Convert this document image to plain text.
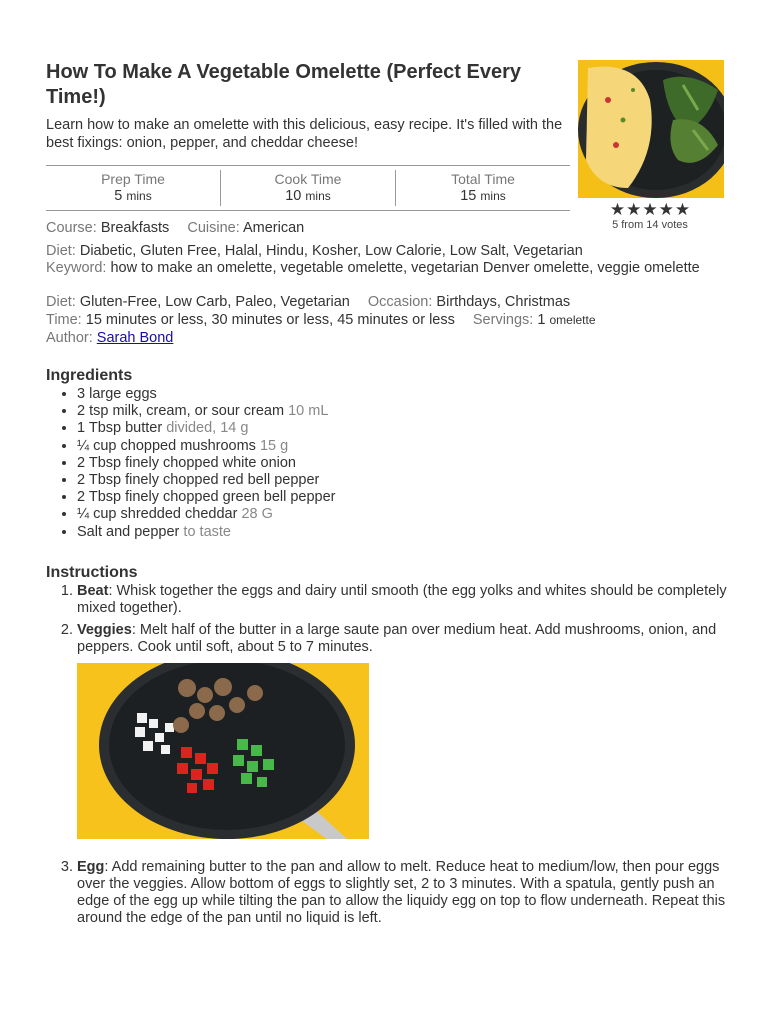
How To Make A Vegetable Omelette (Perfect Every Time!)

Learn how to make an omelette with this delicious, easy recipe. It's filled with the best fixings: onion, pepper, and cheddar cheese!

★ ★ ★ ★ ★
5 from 14 votes
Prep Time
5 mins
Cook Time
10 mins
Total Time
15 mins
Course: Breakfasts Cuisine: American
Diet: Diabetic, Gluten Free, Halal, Hindu, Kosher, Low Calorie, Low Salt, Vegetarian
Keyword: how to make an omelette, vegetable omelette, vegetarian Denver omelette, veggie omelette
Diet: Gluten-Free, Low Carb, Paleo, Vegetarian Occasion: Birthdays, Christmas
Time: 15 minutes or less, 30 minutes or less, 45 minutes or less Servings: 1 omelette
Author: Sarah Bond
Ingredients
• 3 large eggs
• 2 tsp milk, cream, or sour cream 10 mL
• 1 Tbsp butter divided, 14 g
• ¼ cup chopped mushrooms 15 g
• 2 Tbsp finely chopped white onion
• 2 Tbsp finely chopped red bell pepper
• 2 Tbsp finely chopped green bell pepper
• ¼ cup shredded cheddar 28 G
• Salt and pepper to taste
Instructions
1. Beat: Whisk together the eggs and dairy until smooth (the egg yolks and whites should be completely mixed together).
2. Veggies: Melt half of the butter in a large saute pan over medium heat. Add mushrooms, onion, and peppers. Cook until soft, about 5 to 7 minutes.
3. Egg: Add remaining butter to the pan and allow to melt. Reduce heat to medium/low, then pour eggs over the veggies. Allow bottom of eggs to slightly set, 2 to 3 minutes. With a spatula, gently push an edge of the egg up while tilting the pan to allow the liquidy egg on top to flow underneath. Repeat this around the edge of the pan until no liquid is left.
